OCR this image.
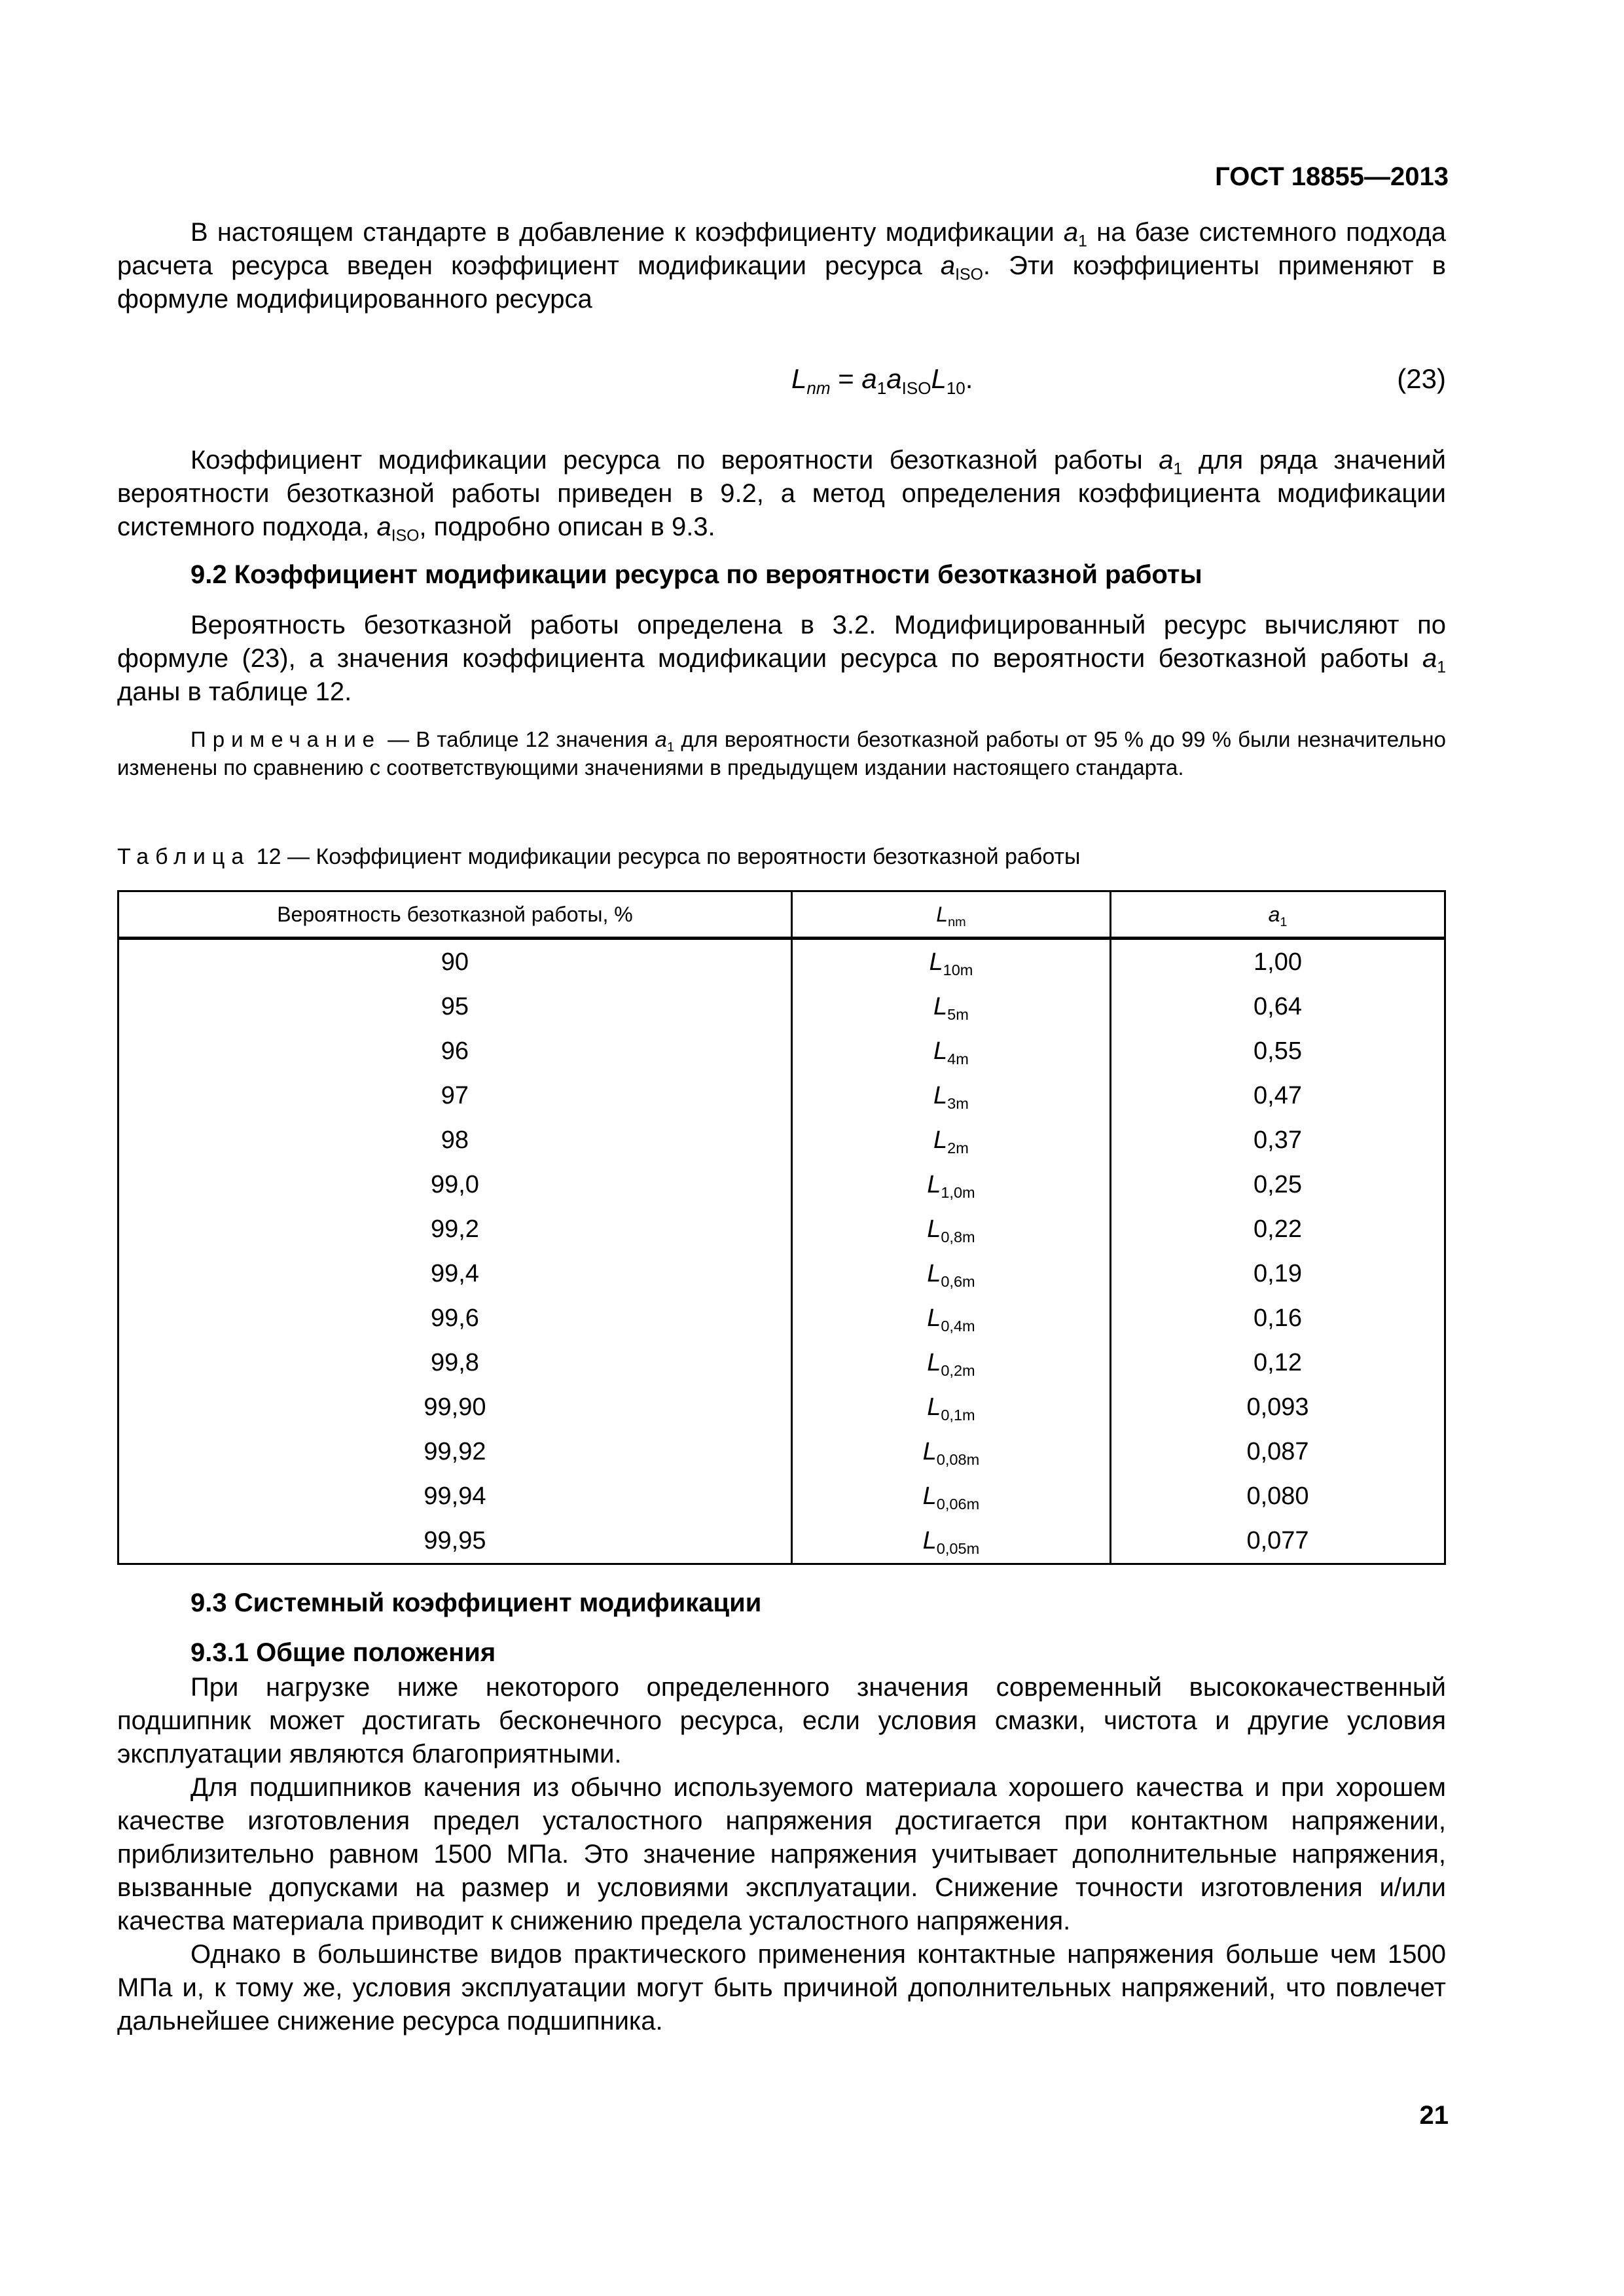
ГОСТ 18855—2013

В настоящем стандарте в добавление к коэффициенту модификации $a_1$ на базе системного подхода расчета ресурса введен коэффициент модификации ресурса $a_{ISO}$. Эти коэффициенты применяют в формуле модифицированного ресурса

$L_{nm} = a_1a_{ISO}L_{10}$.	(23)

Коэффициент модификации ресурса по вероятности безотказной работы $a_1$ для ряда значений вероятности безотказной работы приведен в 9.2, а метод определения коэффициента модификации системного подхода, $a_{ISO}$, подробно описан в 9.3.

9.2 Коэффициент модификации ресурса по вероятности безотказной работы

Вероятность безотказной работы определена в 3.2. Модифицированный ресурс вычисляют по формуле (23), а значения коэффициента модификации ресурса по вероятности безотказной работы $a_1$ даны в таблице 12.

Примечание — В таблице 12 значения $a_1$ для вероятности безотказной работы от 95 % до 99 % были незначительно изменены по сравнению с соответствующими значениями в предыдущем издании настоящего стандарта.

Таблица 12 — Коэффициент модификации ресурса по вероятности безотказной работы
Вероятность безотказной работы, %	$L_{nm}$	$a_1$
90	$L_{10m}$	1,00
95	$L_{5m}$	0,64
96	$L_{4m}$	0,55
97	$L_{3m}$	0,47
98	$L_{2m}$	0,37
99,0	$L_{1,0m}$	0,25
99,2	$L_{0,8m}$	0,22
99,4	$L_{0,6m}$	0,19
99,6	$L_{0,4m}$	0,16
99,8	$L_{0,2m}$	0,12
99,90	$L_{0,1m}$	0,093
99,92	$L_{0,08m}$	0,087
99,94	$L_{0,06m}$	0,080
99,95	$L_{0,05m}$	0,077
9.3 Системный коэффициент модификации
9.3.1 Общие положения

При нагрузке ниже некоторого определенного значения современный высококачественный подшипник может достигать бесконечного ресурса, если условия смазки, чистота и другие условия эксплуатации являются благоприятными.

Для подшипников качения из обычно используемого материала хорошего качества и при хорошем качестве изготовления предел усталостного напряжения достигается при контактном напряжении, приблизительно равном 1500 МПа. Это значение напряжения учитывает дополнительные напряжения, вызванные допусками на размер и условиями эксплуатации. Снижение точности изготовления и/или качества материала приводит к снижению предела усталостного напряжения.

Однако в большинстве видов практического применения контактные напряжения больше чем 1500 МПа и, к тому же, условия эксплуатации могут быть причиной дополнительных напряжений, что повлечет дальнейшее снижение ресурса подшипника.

21
